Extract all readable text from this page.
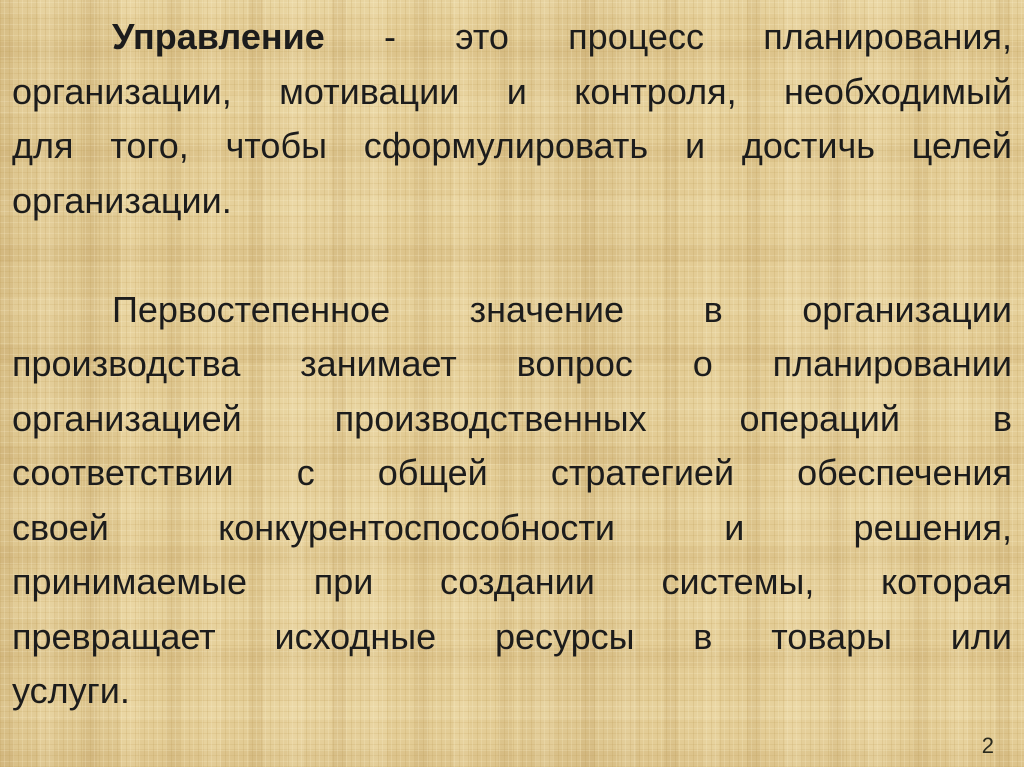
Управление - это процесс планирования,
организации, мотивации и контроля, необходимый
для того, чтобы сформулировать и достичь целей
организации.
Первостепенное значение в организации
производства занимает вопрос о планировании
организацией производственных операций в
соответствии с общей стратегией обеспечения
своей конкурентоспособности и решения,
принимаемые при создании системы, которая
превращает исходные ресурсы в товары или
услуги.
2
